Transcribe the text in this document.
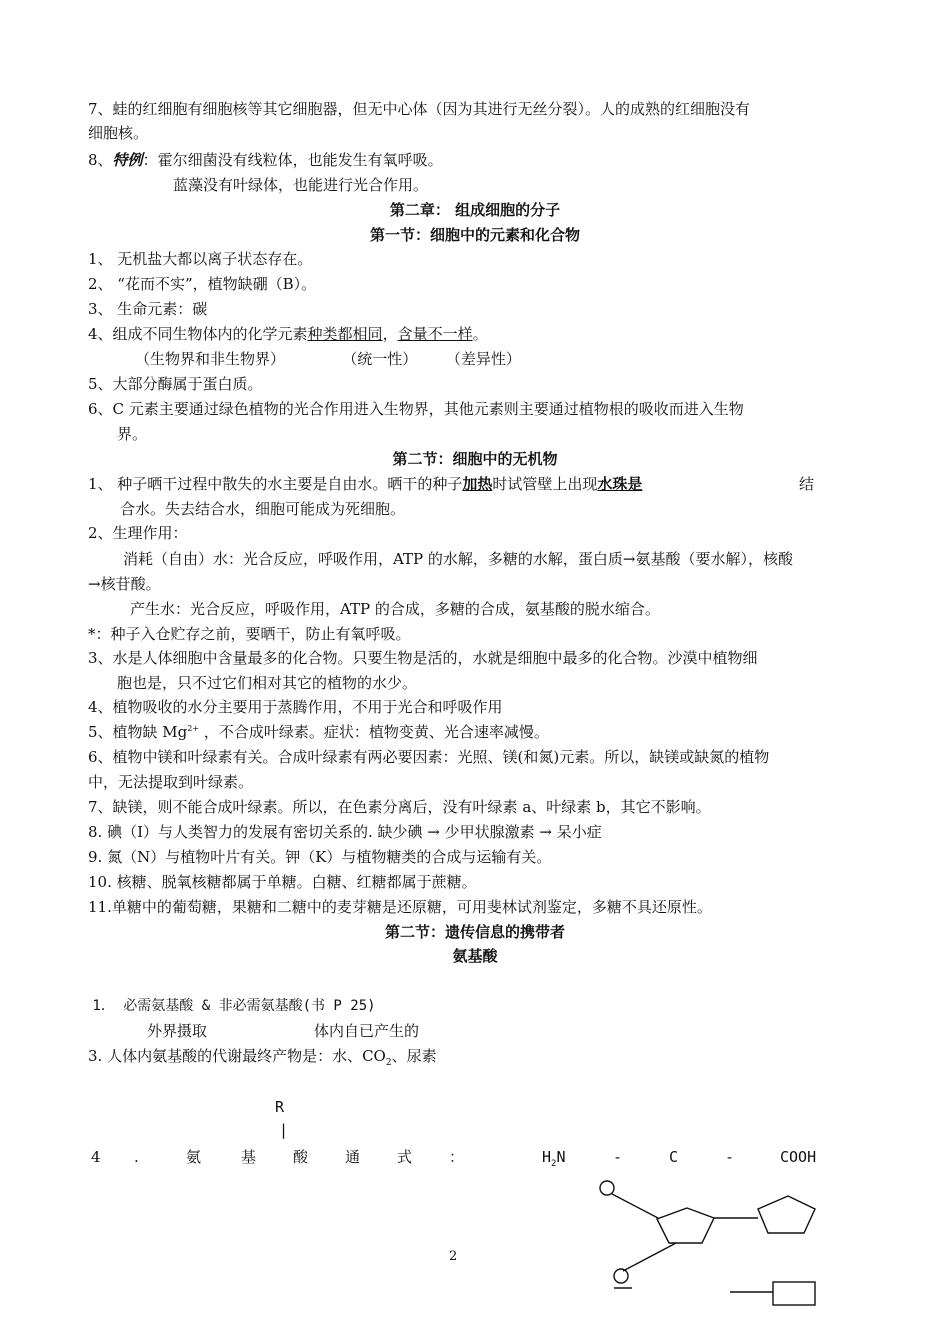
7、蛙的红细胞有细胞核等其它细胞器，但无中心体（因为其进行无丝分裂）。人的成熟的红细胞没有
细胞核。
8、特例：霍尔细菌没有线粒体，也能发生有氧呼吸。
蓝藻没有叶绿体，也能进行光合作用。
第二章： 组成细胞的分子
第一节：细胞中的元素和化合物
1、 无机盐大都以离子状态存在。
2、 “花而不实”，植物缺硼（B）。
3、 生命元素：碳
4、组成不同生物体内的化学元素种类都相同，含量不一样。
（生物界和非生物界）            （统一性）      （差异性）
5、大部分酶属于蛋白质。
6、C 元素主要通过绿色植物的光合作用进入生物界，其他元素则主要通过植物根的吸收而进入生物
界。
第二节：细胞中的无机物
1、 种子晒干过程中散失的水主要是自由水。晒干的种子加热时试管壁上出现水珠是	结
合水。失去结合水，细胞可能成为死细胞。
2、生理作用：
消耗（自由）水：光合反应，呼吸作用，ATP 的水解，多糖的水解，蛋白质→氨基酸（要水解），核酸
→核苷酸。
产生水：光合反应，呼吸作用，ATP 的合成，多糖的合成，氨基酸的脱水缩合。
*：种子入仓贮存之前，要晒干，防止有氧呼吸。
3、水是人体细胞中含量最多的化合物。只要生物是活的，水就是细胞中最多的化合物。沙漠中植物细
胞也是，只不过它们相对其它的植物的水少。
4、植物吸收的水分主要用于蒸腾作用，不用于光合和呼吸作用
5、植物缺 $Mg^{2+}$ ，不合成叶绿素。症状：植物变黄、光合速率减慢。
6、植物中镁和叶绿素有关。合成叶绿素有两必要因素：光照、镁(和氮)元素。所以，缺镁或缺氮的植物
中，无法提取到叶绿素。
7、缺镁，则不能合成叶绿素。所以，在色素分离后，没有叶绿素 a、叶绿素 b，其它不影响。
8. 碘（I）与人类智力的发展有密切关系的. 缺少碘 → 少甲状腺激素 → 呆小症
9. 氮（N）与植物叶片有关。钾（K）与植物糖类的合成与运输有关。
10. 核糖、脱氧核糖都属于单糖。白糖、红糖都属于蔗糖。
11.单糖中的葡萄糖，果糖和二糖中的麦芽糖是还原糖，可用斐林试剂鉴定，多糖不具还原性。
第二节：遗传信息的携带者
氨基酸
1． 必需氨基酸 & 非必需氨基酸(书 P 25)
外界摄取	体内自已产生的
3. 人体内氨基酸的代谢最终产物是：水、$CO_2$、尿素
R
|
4 .	氨	基 酸 通 式 ：	$H_2N$	-	C	-	COOH
2
